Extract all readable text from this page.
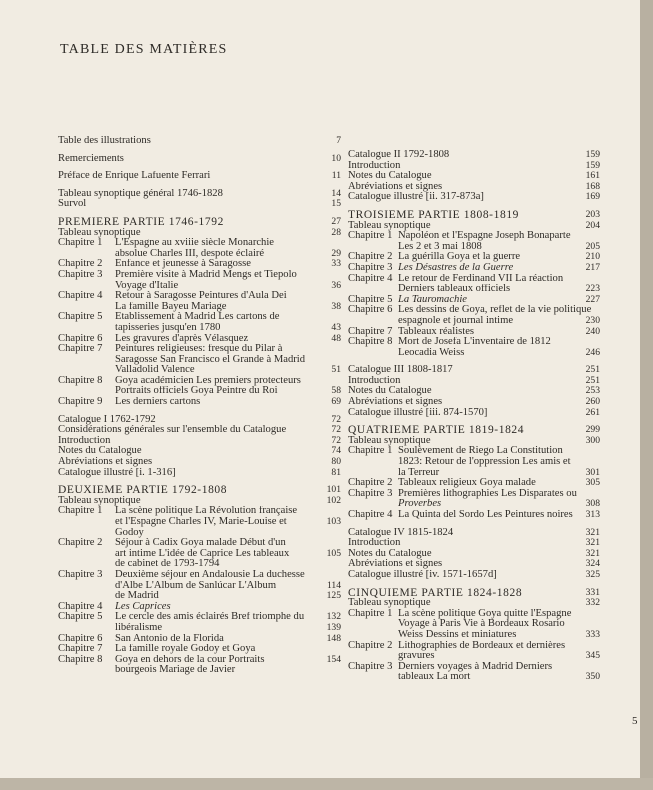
TABLE DES MATIÈRES
Table des illustrations	7
Remerciements	10
Préface de Enrique Lafuente Ferrari	11
Tableau synoptique général 1746-1828	14
Survol	15
PREMIÈRE PARTIE 1746-1792	27
Tableau synoptique	28
Chapitre 1	L'Espagne au xviiie siècle Monarchie
absolue Charles III, despote éclairé	29
Chapitre 2	Enfance et jeunesse à Saragosse	33
Chapitre 3	Première visite à Madrid Mengs et Tiepolo
Voyage d'Italie	36
Chapitre 4	Retour à Saragosse Peintures d'Aula Dei
La famille Bayeu Mariage	38
Chapitre 5	Etablissement à Madrid Les cartons de
tapisseries jusqu'en 1780	43
Chapitre 6	Les gravures d'après Vélasquez	48
Chapitre 7	Peintures religieuses: fresque du Pilar à
Saragosse San Francisco el Grande à Madrid
Valladolid Valence	51
Chapitre 8	Goya académicien Les premiers protecteurs
Portraits officiels Goya Peintre du Roi	58
Chapitre 9	Les derniers cartons	69
Catalogue I 1762-1792	72
Considérations générales sur l'ensemble du Catalogue	72
Introduction	72
Notes du Catalogue	74
Abréviations et signes	80
Catalogue illustré [i. 1-316]	81
DEUXIÈME PARTIE 1792-1808	101
Tableau synoptique	102
Chapitre 1	La scène politique La Révolution française
et l'Espagne Charles IV, Marie-Louise et	103
Godoy
Chapitre 2	Séjour à Cadix Goya malade Début d'un
art intime L'idée de Caprice Les tableaux	105
de cabinet de 1793-1794
Chapitre 3	Deuxième séjour en Andalousie La duchesse
d'Albe L'Album de Sanlúcar L'Album	114
de Madrid	125
Chapitre 4	Les Caprices
Chapitre 5	Le cercle des amis éclairés Bref triomphe du	132
libéralisme	139
Chapitre 6	San Antonio de la Florida	148
Chapitre 7	La famille royale Godoy et Goya
Chapitre 8	Goya en dehors de la cour Portraits	154
bourgeois Mariage de Javier
Catalogue II 1792-1808	159
Introduction	159
Notes du Catalogue	161
Abréviations et signes	168
Catalogue illustré [ii. 317-873a]	169
TROISIÈME PARTIE 1808-1819	203
Tableau synoptique	204
Chapitre 1 Napoléon et l'Espagne Joseph Bonaparte
Les 2 et 3 mai 1808	205
Chapitre 2 La guérilla Goya et la guerre	210
Chapitre 3 Les Désastres de la Guerre	217
Chapitre 4 Le retour de Ferdinand VII La réaction
Derniers tableaux officiels	223
Chapitre 5 La Tauromachie	227
Chapitre 6 Les dessins de Goya, reflet de la vie politique
espagnole et journal intime	230
Chapitre 7 Tableaux réalistes	240
Chapitre 8 Mort de Josefa L'inventaire de 1812
Leocadia Weiss	246
Catalogue III 1808-1817	251
Introduction	251
Notes du Catalogue	253
Abréviations et signes	260
Catalogue illustré [iii. 874-1570]	261
QUATRIÈME PARTIE 1819-1824	299
Tableau synoptique	300
Chapitre 1 Soulèvement de Riego La Constitution
1823: Retour de l'oppression Les amis et
la Terreur	301
Chapitre 2 Tableaux religieux Goya malade	305
Chapitre 3 Premières lithographies Les Disparates ou
Proverbes	308
Chapitre 4 La Quinta del Sordo Les Peintures noires	313
Catalogue IV 1815-1824	321
Introduction	321
Notes du Catalogue	321
Abréviations et signes	324
Catalogue illustré [iv. 1571-1657d]	325
CINQUIÈME PARTIE 1824-1828	331
Tableau synoptique	332
Chapitre 1 La scène politique Goya quitte l'Espagne
Voyage à Paris Vie à Bordeaux Rosario
Weiss Dessins et miniatures	333
Chapitre 2 Lithographies de Bordeaux et dernières
gravures	345
Chapitre 3 Derniers voyages à Madrid Derniers
tableaux La mort	350
5
